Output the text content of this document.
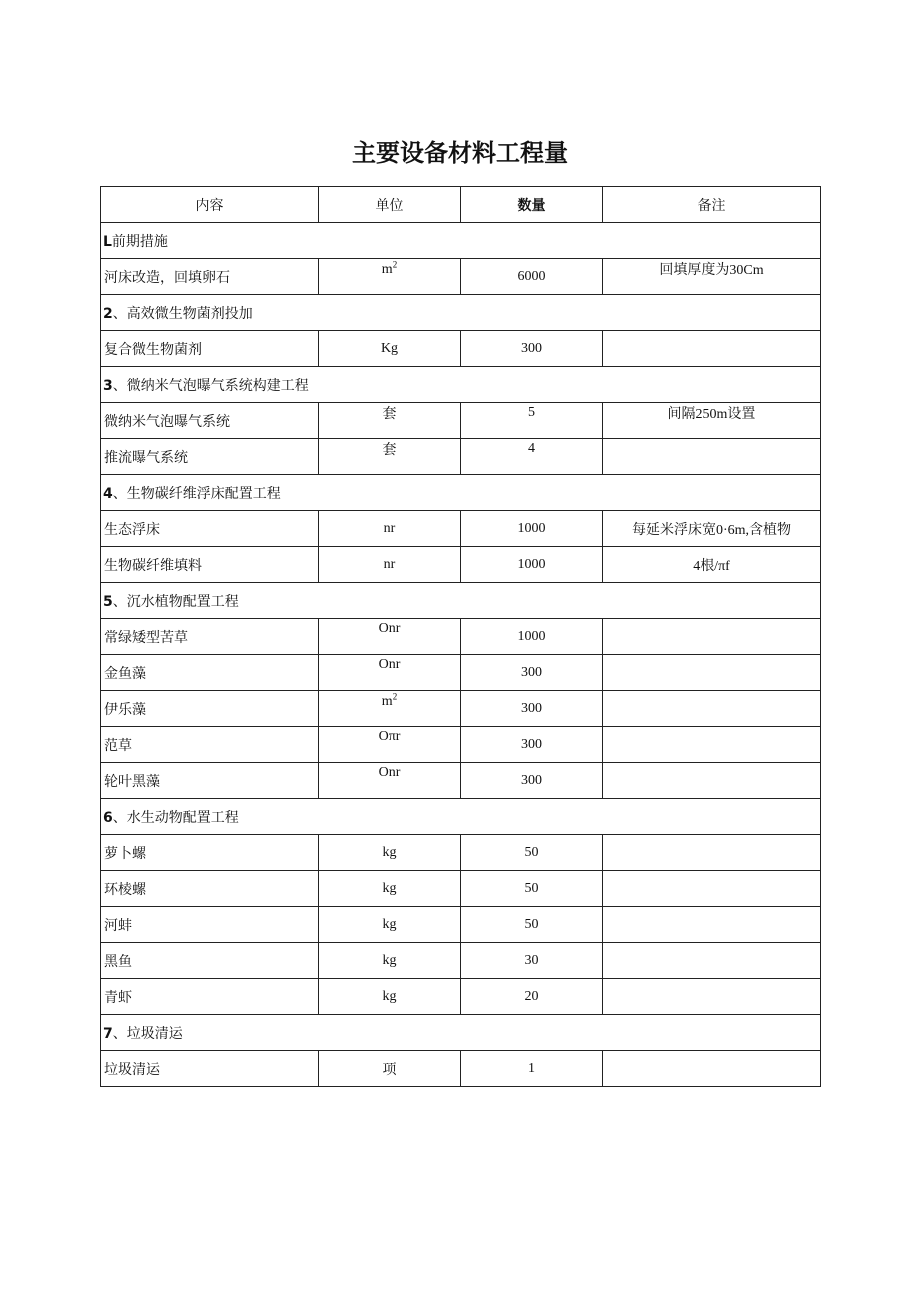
主要设备材料工程量
内容	单位	数量	备注
L前期措施			
河床改造，回填卵石	$m^2$	6000	回填厚度为30Cm
2、高效微生物菌剂投加			
复合微生物菌剂	Kg	300	
3、微纳米气泡曝气系统构建工程			
微纳米气泡曝气系统	套	5	间隔250m设置
推流曝气系统	套	4	
4、生物碳纤维浮床配置工程			
生态浮床	nr	1000	每延米浮床宽0·6m,含植物
生物碳纤维填料	nr	1000	4根/πf
5、沉水植物配置工程			
常绿矮型苦草	Onr	1000	
金鱼藻	Onr	300	
伊乐藻	$m^2$	300	
范草	Oπr	300	
轮叶黑藻	Onr	300	
6、水生动物配置工程			
萝卜螺	kg	50	
环棱螺	kg	50	
河蚌	kg	50	
黑鱼	kg	30	
青虾	kg	20	
7、垃圾清运			
垃圾清运	项	1	
